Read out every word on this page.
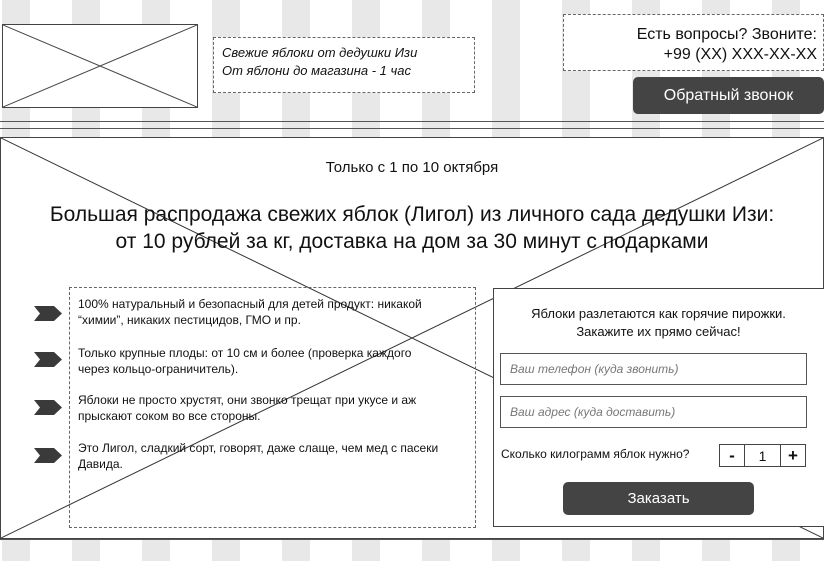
Свежие яблоки от дедушки Изи
От яблони до магазина - 1 час
Есть вопросы? Звоните:
+99 (XX) XXX-XX-XX
Обратный звонок
Только с 1 по 10 октября
Большая распродажа свежих яблок (Лигол) из личного сада дедушки Изи:
от 10 рублей за кг, доставка на дом за 30 минут с подарками
100% натуральный и безопасный для детей продукт: никакой
“химии”, никаких пестицидов, ГМО и пр.
Только крупные плоды: от 10 см и более (проверка каждого
через кольцо-ограничитель).
Яблоки не просто хрустят, они звонко трещат при укусе и аж
прыскают соком во все стороны.
Это Лигол, сладкий сорт, говорят, даже слаще, чем мед с пасеки
Давида.
Яблоки разлетаются как горячие пирожки.
Закажите их прямо сейчас!
Ваш телефон (куда звонить)
Ваш адрес (куда доставить)
Сколько килограмм яблок нужно?	-	1	+
Заказать
